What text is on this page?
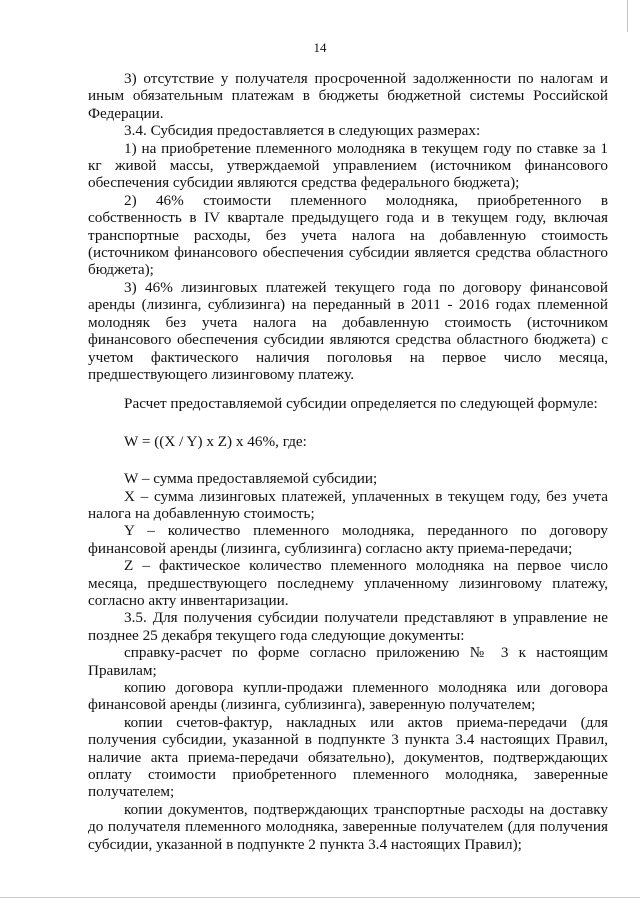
14

3) отсутствие у получателя просроченной задолженности по налогам и иным обязательным платежам в бюджеты бюджетной системы Российской Федерации.

3.4. Субсидия предоставляется в следующих размерах:

1) на приобретение племенного молодняка в текущем году по ставке за 1 кг живой массы, утверждаемой управлением (источником финансового обеспечения субсидии являются средства федерального бюджета);

2) 46% стоимости племенного молодняка, приобретенного в собственность в IV квартале предыдущего года и в текущем году, включая транспортные расходы, без учета налога на добавленную стоимость (источником финансового обеспечения субсидии является средства областного бюджета);

3) 46% лизинговых платежей текущего года по договору финансовой аренды (лизинга, сублизинга) на переданный в 2011 - 2016 годах племенной молодняк без учета налога на добавленную стоимость (источником финансового обеспечения субсидии являются средства областного бюджета) с учетом фактического наличия поголовья на первое число месяца, предшествующего лизинговому платежу.

Расчет предоставляемой субсидии определяется по следующей формуле:

W = ((X / Y) x Z) x 46%, где:

W – сумма предоставляемой субсидии;

X – сумма лизинговых платежей, уплаченных в текущем году, без учета налога на добавленную стоимость;

Y – количество племенного молодняка, переданного по договору финансовой аренды (лизинга, сублизинга) согласно акту приема-передачи;

Z – фактическое количество племенного молодняка на первое число месяца, предшествующего последнему уплаченному лизинговому платежу, согласно акту инвентаризации.

3.5. Для получения субсидии получатели представляют в управление не позднее 25 декабря текущего года следующие документы:

справку-расчет по форме согласно приложению № 3 к настоящим Правилам;

копию договора купли-продажи племенного молодняка или договора финансовой аренды (лизинга, сублизинга), заверенную получателем;

копии счетов-фактур, накладных или актов приема-передачи (для получения субсидии, указанной в подпункте 3 пункта 3.4 настоящих Правил, наличие акта приема-передачи обязательно), документов, подтверждающих оплату стоимости приобретенного племенного молодняка, заверенные получателем;

копии документов, подтверждающих транспортные расходы на доставку до получателя племенного молодняка, заверенные получателем (для получения субсидии, указанной в подпункте 2 пункта 3.4 настоящих Правил);
